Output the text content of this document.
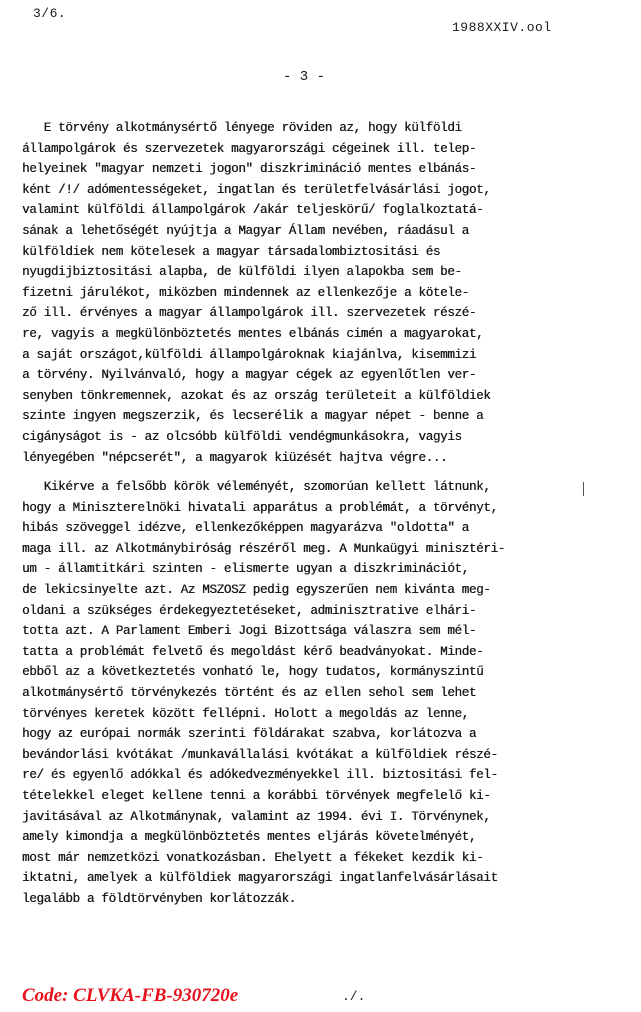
3/6.
1988XXIV.ool
- 3 -

E törvény alkotmánysértő lényege röviden az, hogy külföldi
állampolgárok és szervezetek magyarországi cégeinek ill. telep-
helyeinek "magyar nemzeti jogon" diszkrimináció mentes elbánás-
ként /!/ adómentességeket, ingatlan és területfelvásárlási jogot,
valamint külföldi állampolgárok /akár teljeskörű/ foglalkoztatá-
sának a lehetőségét nyújtja a Magyar Állam nevében, ráadásul a
külföldiek nem kötelesek a magyar társadalombiztositási és
nyugdijbiztositási alapba, de külföldi ilyen alapokba sem be-
fizetni járulékot, miközben mindennek az ellenkezője a kötele-
ző ill. érvényes a magyar állampolgárok ill. szervezetek részé-
re, vagyis a megkülönböztetés mentes elbánás cimén a magyarokat,
a saját országot,külföldi állampolgároknak kiajánlva, kisemmizi
a törvény. Nyilvánvaló, hogy a magyar cégek az egyenlőtlen ver-
senyben tönkremennek, azokat és az ország területeit a külföldiek
szinte ingyen megszerzik, és lecserélik a magyar népet - benne a
cigányságot is - az olcsóbb külföldi vendégmunkásokra, vagyis
lényegében "népcserét", a magyarok kiüzését hajtva végre...

Kikérve a felsőbb körök véleményét, szomorúan kellett látnunk,
hogy a Miniszterelnöki hivatali apparátus a problémát, a törvényt,
hibás szöveggel idézve, ellenkezőképpen magyarázva "oldotta" a
maga ill. az Alkotmánybiróság részéről meg. A Munkaügyi minisztéri-
um - államtitkári szinten - elismerte ugyan a diszkriminációt,
de lekicsinyelte azt. Az MSZOSZ pedig egyszerűen nem kivánta meg-
oldani a szükséges érdekegyeztetéseket, adminisztrative elhári-
totta azt. A Parlament Emberi Jogi Bizottsága válaszra sem mél-
tatta a problémát felvető és megoldást kérő beadványokat. Minde-
ebből az a következtetés vonható le, hogy tudatos, kormányszintű
alkotmánysértő törvénykezés történt és az ellen sehol sem lehet
törvényes keretek között fellépni. Holott a megoldás az lenne,
hogy az európai normák szerinti földárakat szabva, korlátozva a
bevándorlási kvótákat /munkavállalási kvótákat a külföldiek részé-
re/ és egyenlő adókkal és adókedvezményekkel ill. biztositási fel-
tételekkel eleget kellene tenni a korábbi törvények megfelelő ki-
javitásával az Alkotmánynak, valamint az 1994. évi I. Törvénynek,
amely kimondja a megkülönböztetés mentes eljárás követelményét,
most már nemzetközi vonatkozásban. Ehelyett a fékeket kezdik ki-
iktatni, amelyek a külföldiek magyarországi ingatlanfelvásárlásait
legalább a földtörvényben korlátozzák.

Code: CLVKA-FB-930720e	./.
